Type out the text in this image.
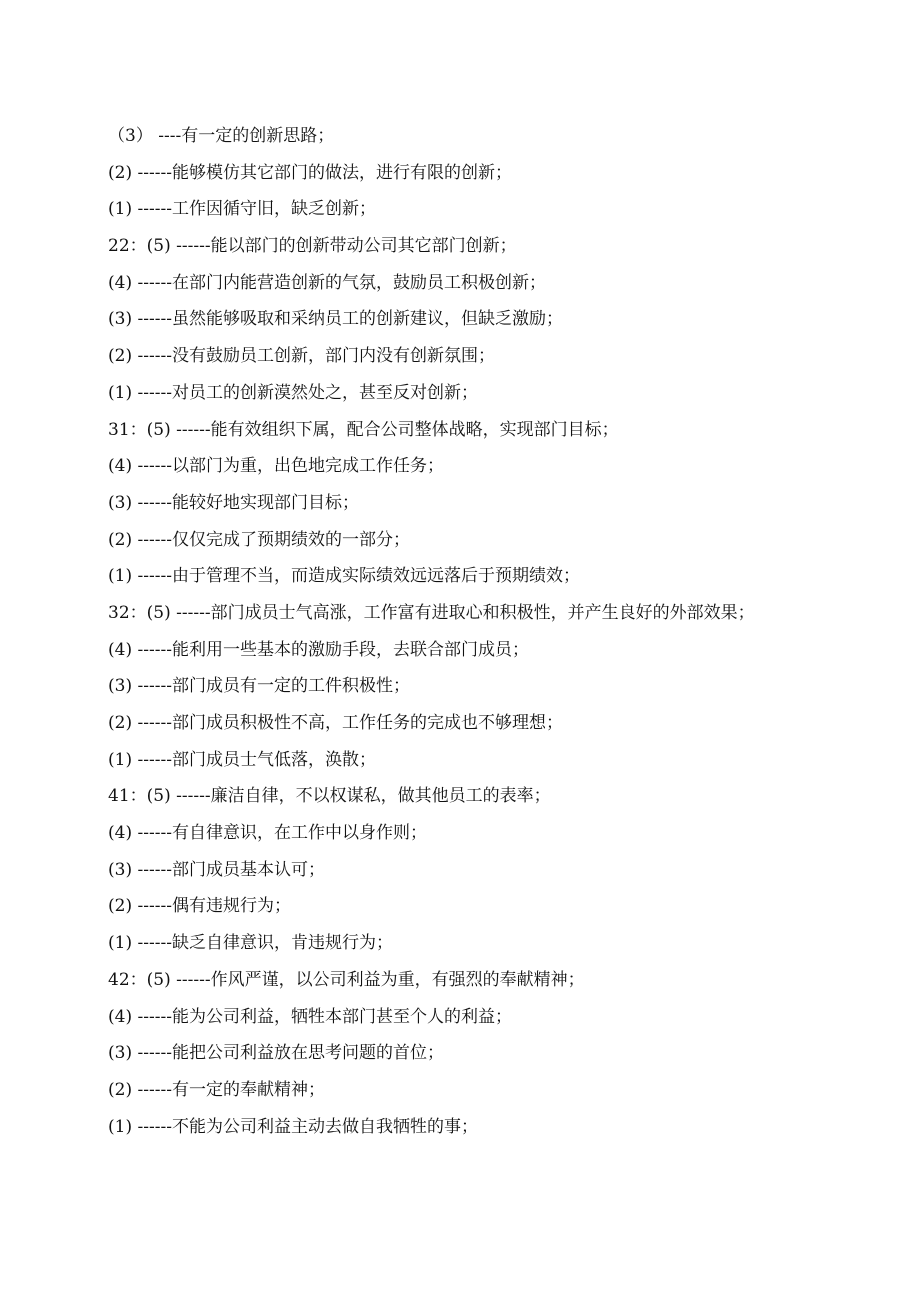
（3） ----有一定的创新思路；
(2) ------能够模仿其它部门的做法，进行有限的创新；
(1) ------工作因循守旧，缺乏创新；
22：(5) ------能以部门的创新带动公司其它部门创新；
(4) ------在部门内能营造创新的气氛，鼓励员工积极创新；
(3) ------虽然能够吸取和采纳员工的创新建议，但缺乏激励；
(2) ------没有鼓励员工创新，部门内没有创新氛围；
(1) ------对员工的创新漠然处之，甚至反对创新；
31：(5) ------能有效组织下属，配合公司整体战略，实现部门目标；
(4) ------以部门为重，出色地完成工作任务；
(3) ------能较好地实现部门目标；
(2) ------仅仅完成了预期绩效的一部分；
(1) ------由于管理不当，而造成实际绩效远远落后于预期绩效；
32：(5) ------部门成员士气高涨，工作富有进取心和积极性，并产生良好的外部效果；
(4) ------能利用一些基本的激励手段，去联合部门成员；
(3) ------部门成员有一定的工件积极性；
(2) ------部门成员积极性不高，工作任务的完成也不够理想；
(1) ------部门成员士气低落，涣散；
41：(5) ------廉洁自律，不以权谋私，做其他员工的表率；
(4) ------有自律意识，在工作中以身作则；
(3) ------部门成员基本认可；
(2) ------偶有违规行为；
(1) ------缺乏自律意识，肯违规行为；
42：(5) ------作风严谨，以公司利益为重，有强烈的奉献精神；
(4) ------能为公司利益，牺牲本部门甚至个人的利益；
(3) ------能把公司利益放在思考问题的首位；
(2) ------有一定的奉献精神；
(1) ------不能为公司利益主动去做自我牺牲的事；
